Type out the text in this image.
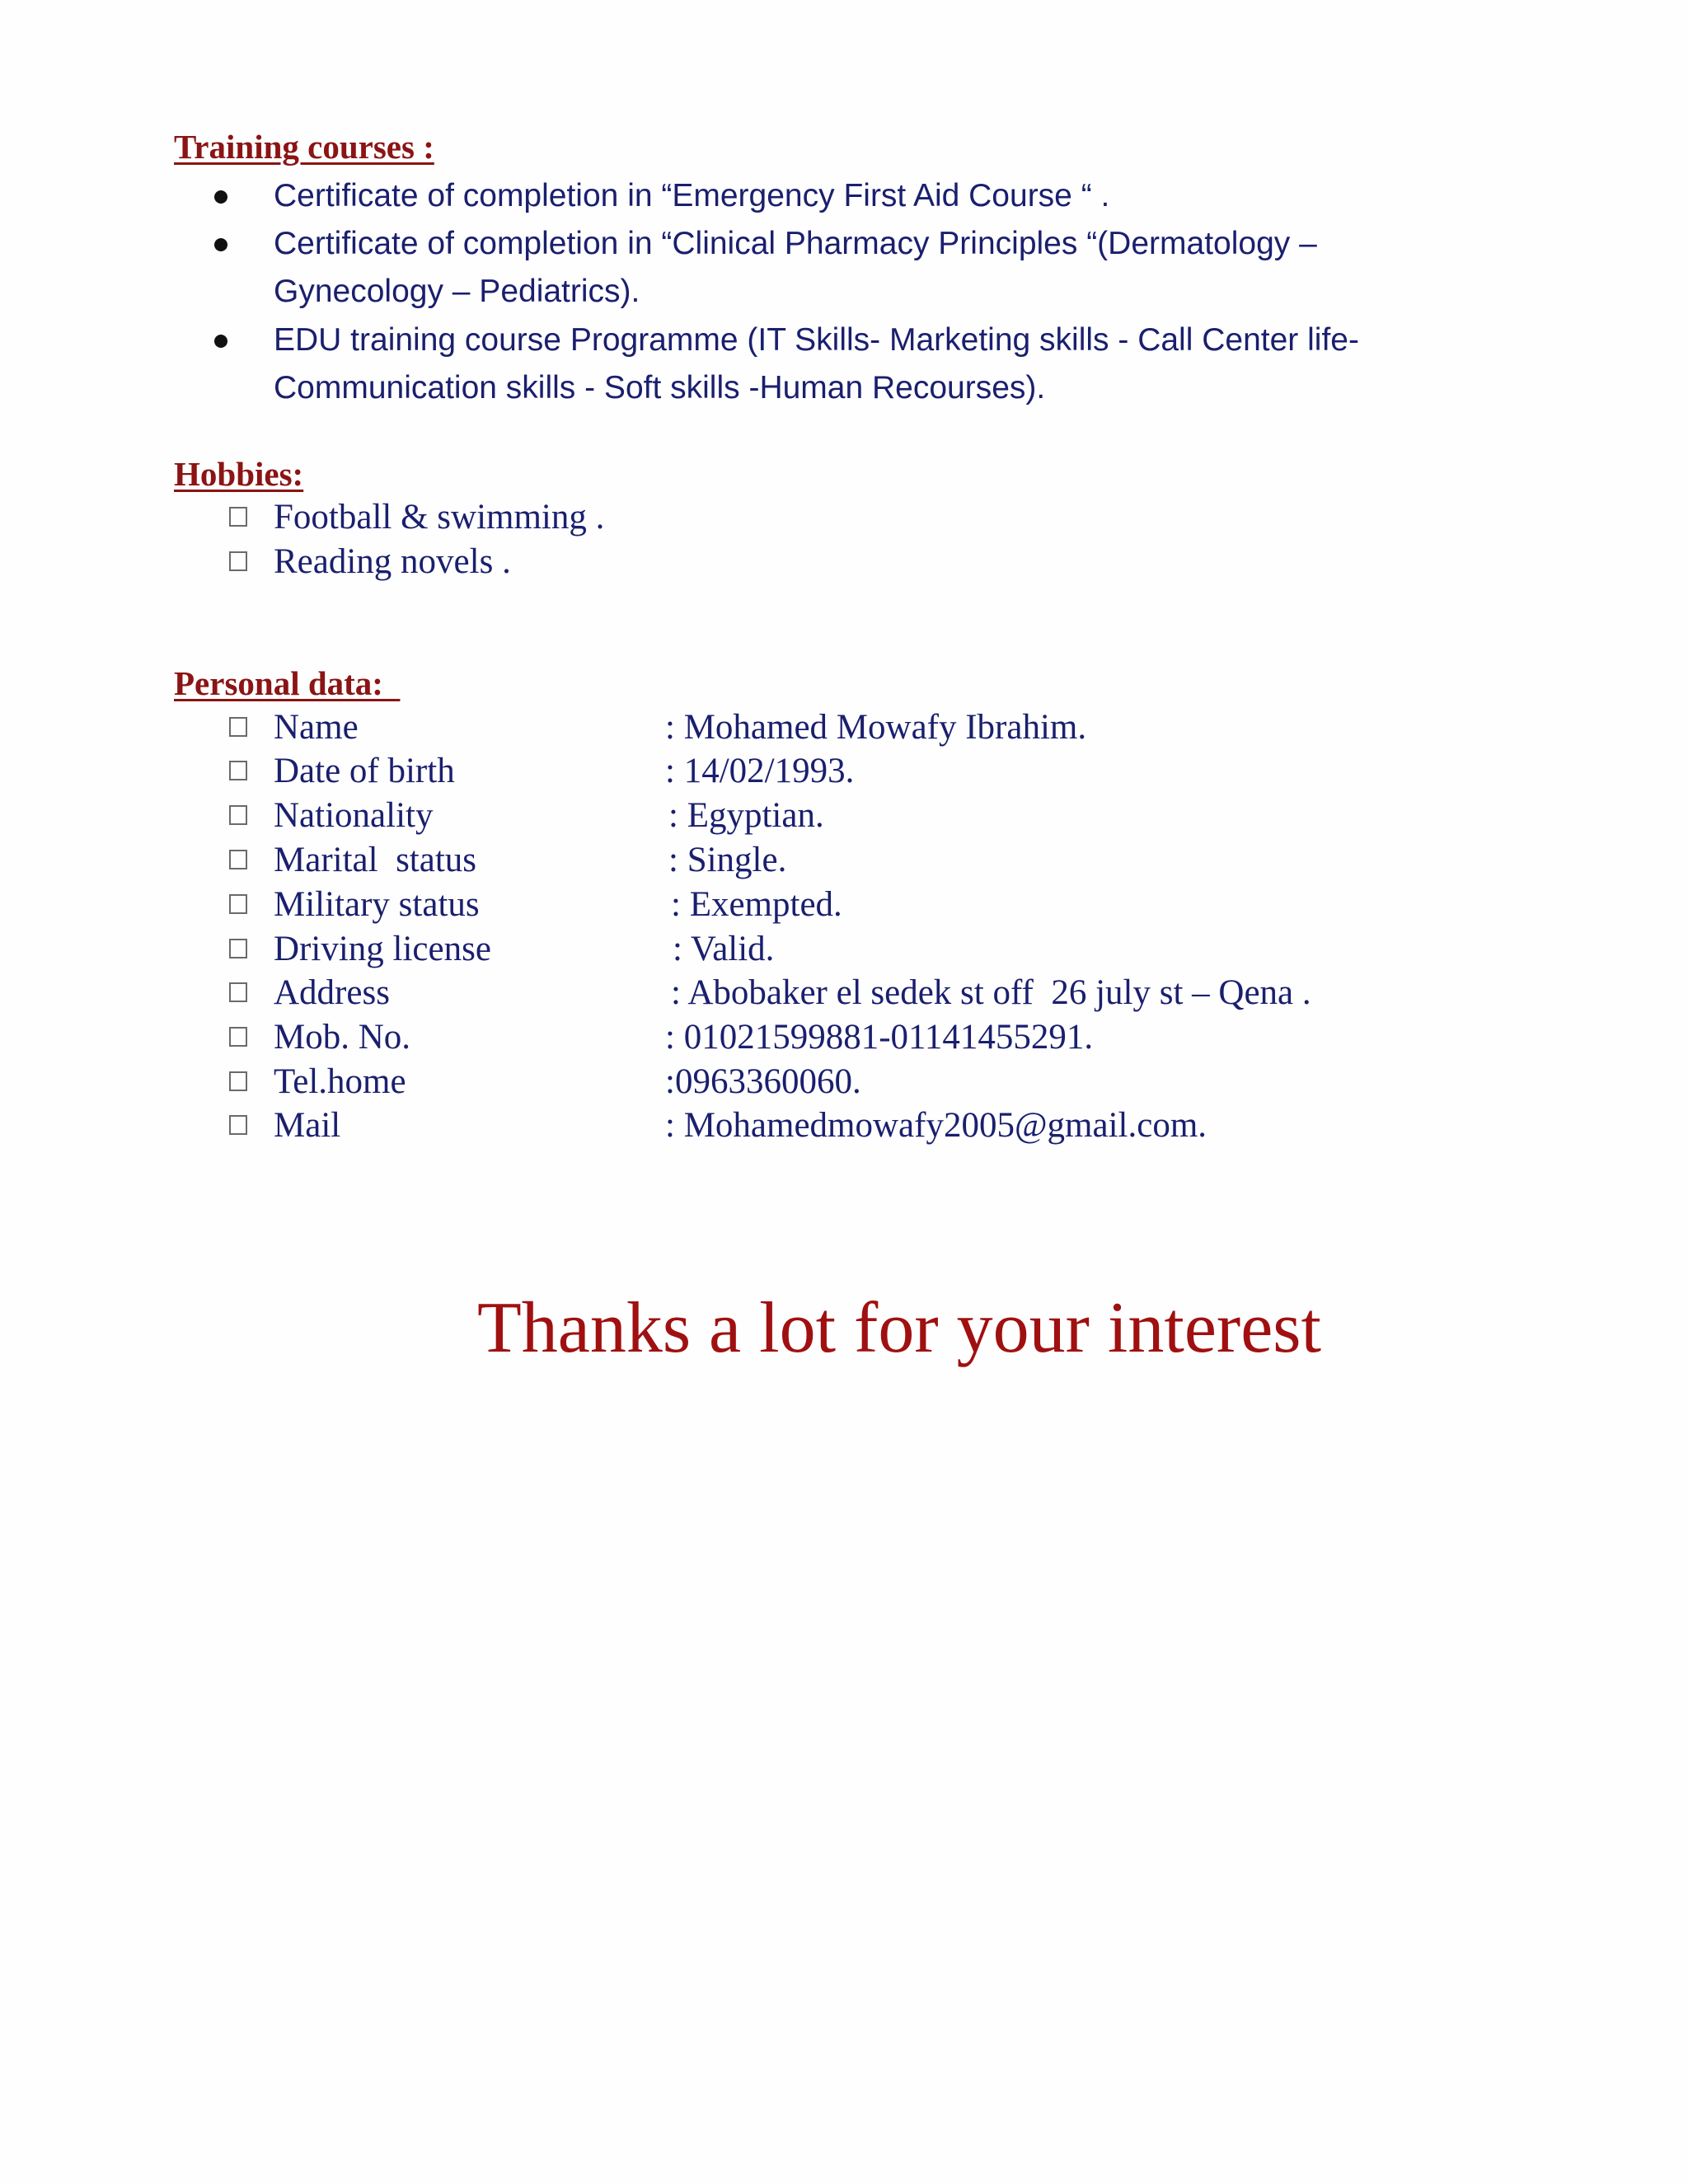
Training courses :
Certificate of completion in “Emergency First Aid Course “ .
Certificate of completion in “Clinical Pharmacy Principles “(Dermatology – Gynecology – Pediatrics).
EDU training course Programme (IT Skills- Marketing skills - Call Center life- Communication skills - Soft skills -Human Recourses).
Hobbies:

Football & swimming .

Reading novels .

Personal data:

Name

	: Mohamed Mowafy Ibrahim.

Date of birth

	: 14/02/1993.

Nationality

	: Egyptian.

Marital  status

	: Single.

Military status

	: Exempted.

Driving license

	: Valid.

Address

	: Abobaker el sedek st off  26 july st – Qena .

Mob. No.

	: 01021599881-01141455291.

Tel.home

	:0963360060.

Mail

	: Mohamedmowafy2005@gmail.com.

Thanks a lot for your interest
